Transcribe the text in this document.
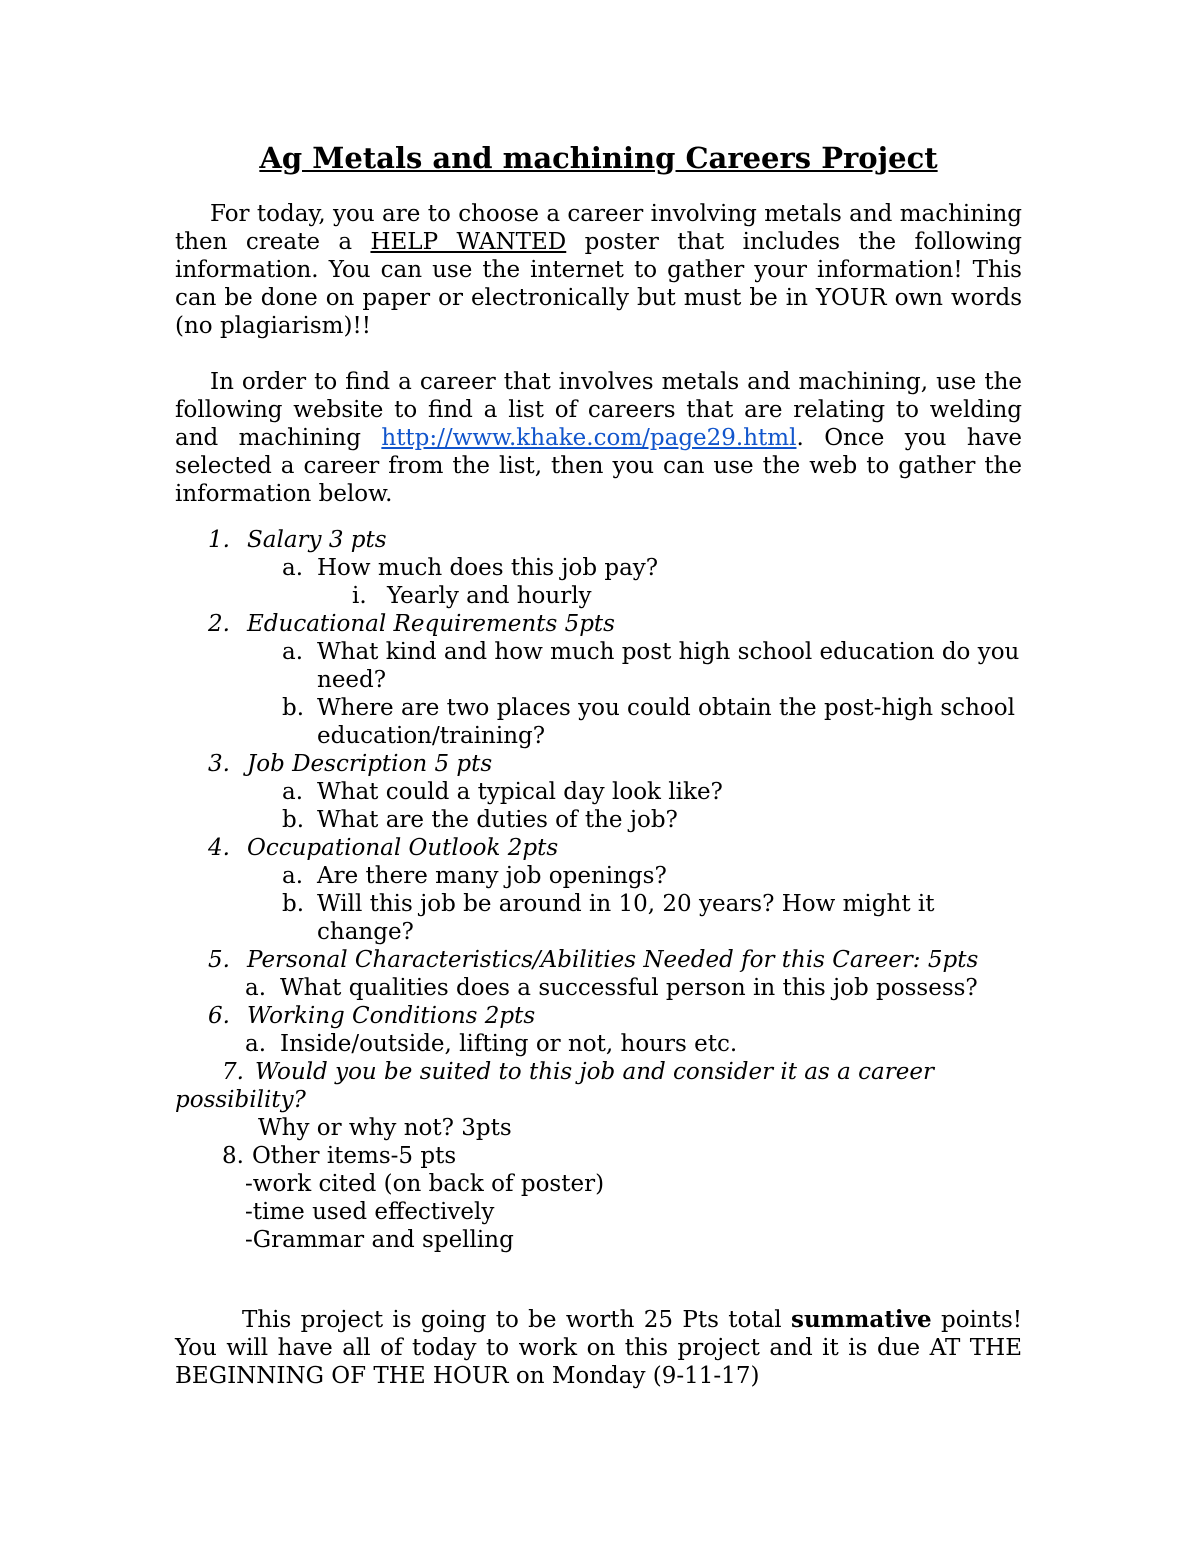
Ag Metals and machining Careers Project

For today, you are to choose a career involving metals and machining then create a HELP WANTED poster that includes the following information. You can use the internet to gather your information! This can be done on paper or electronically but must be in YOUR own words (no plagiarism)!!

In order to find a career that involves metals and machining, use the following website to find a list of careers that are relating to welding and machining http://www.khake.com/page29.html. Once you have selected a career from the list, then you can use the web to gather the information below.

1. Salary 3 pts

a. How much does this job pay?

i. Yearly and hourly

2. Educational Requirements 5pts

a. What kind and how much post high school education do you need?

b. Where are two places you could obtain the post-high school education/training?

3. Job Description 5 pts

a. What could a typical day look like?

b. What are the duties of the job?

4. Occupational Outlook 2pts

a. Are there many job openings?

b. Will this job be around in 10, 20 years? How might it change?

5. Personal Characteristics/Abilities Needed for this Career: 5pts

a. What qualities does a successful person in this job possess?

6. Working Conditions 2pts

a. Inside/outside, lifting or not, hours etc.

7. Would you be suited to this job and consider it as a career possibility?

Why or why not? 3pts

8. Other items-5 pts

-work cited (on back of poster)

-time used effectively

-Grammar and spelling

This project is going to be worth 25 Pts total summative points! You will have all of today to work on this project and it is due AT THE BEGINNING OF THE HOUR on Monday (9-11-17)
